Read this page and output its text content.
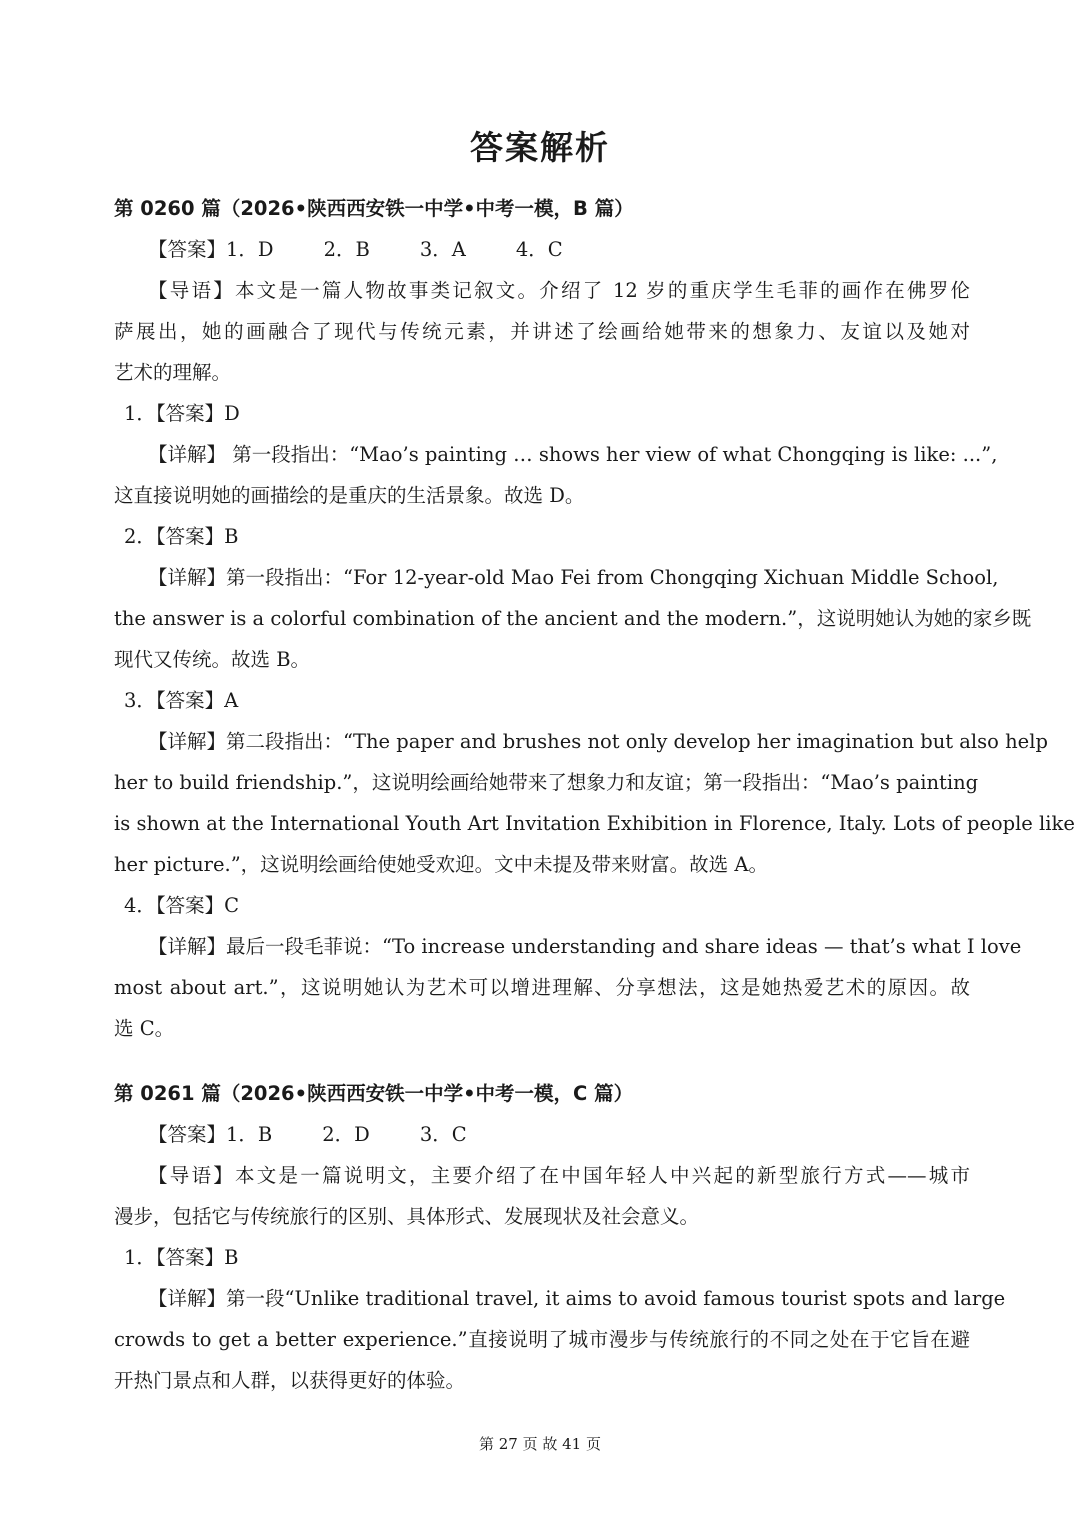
答案解析
第 0260 篇（2026•陕西西安铁一中学•中考一模，B 篇）
【答案】1．D	2．B	3．A	4．C
【导语】本文是一篇人物故事类记叙文。介绍了 12 岁的重庆学生毛菲的画作在佛罗伦
萨展出，她的画融合了现代与传统元素，并讲述了绘画给她带来的想象力、友谊以及她对
艺术的理解。
1．【答案】D
【详解】 第一段指出：“Mao’s painting … shows her view of what Chongqing is like: ...”,
这直接说明她的画描绘的是重庆的生活景象。故选 D。
2．【答案】B
【详解】第一段指出：“For 12-year-old Mao Fei from Chongqing Xichuan Middle School,
the answer is a colorful combination of the ancient and the modern.”，这说明她认为她的家乡既
现代又传统。故选 B。
3．【答案】A
【详解】第二段指出：“The paper and brushes not only develop her imagination but also help
her to build friendship.”，这说明绘画给她带来了想象力和友谊；第一段指出：“Mao’s painting
is shown at the International Youth Art Invitation Exhibition in Florence, Italy. Lots of people like
her picture.”，这说明绘画给使她受欢迎。文中未提及带来财富。故选 A。
4．【答案】C
【详解】最后一段毛菲说：“To increase understanding and share ideas — that’s what I love
most about art.”，这说明她认为艺术可以增进理解、分享想法，这是她热爱艺术的原因。故
选 C。
第 0261 篇（2026•陕西西安铁一中学•中考一模，C 篇）
【答案】1．B	2．D	3．C
【导语】本文是一篇说明文，主要介绍了在中国年轻人中兴起的新型旅行方式——城市
漫步，包括它与传统旅行的区别、具体形式、发展现状及社会意义。
1．【答案】B
【详解】第一段“Unlike traditional travel, it aims to avoid famous tourist spots and large
crowds to get a better experience.”直接说明了城市漫步与传统旅行的不同之处在于它旨在避
开热门景点和人群，以获得更好的体验。
第 27 页 故 41 页
